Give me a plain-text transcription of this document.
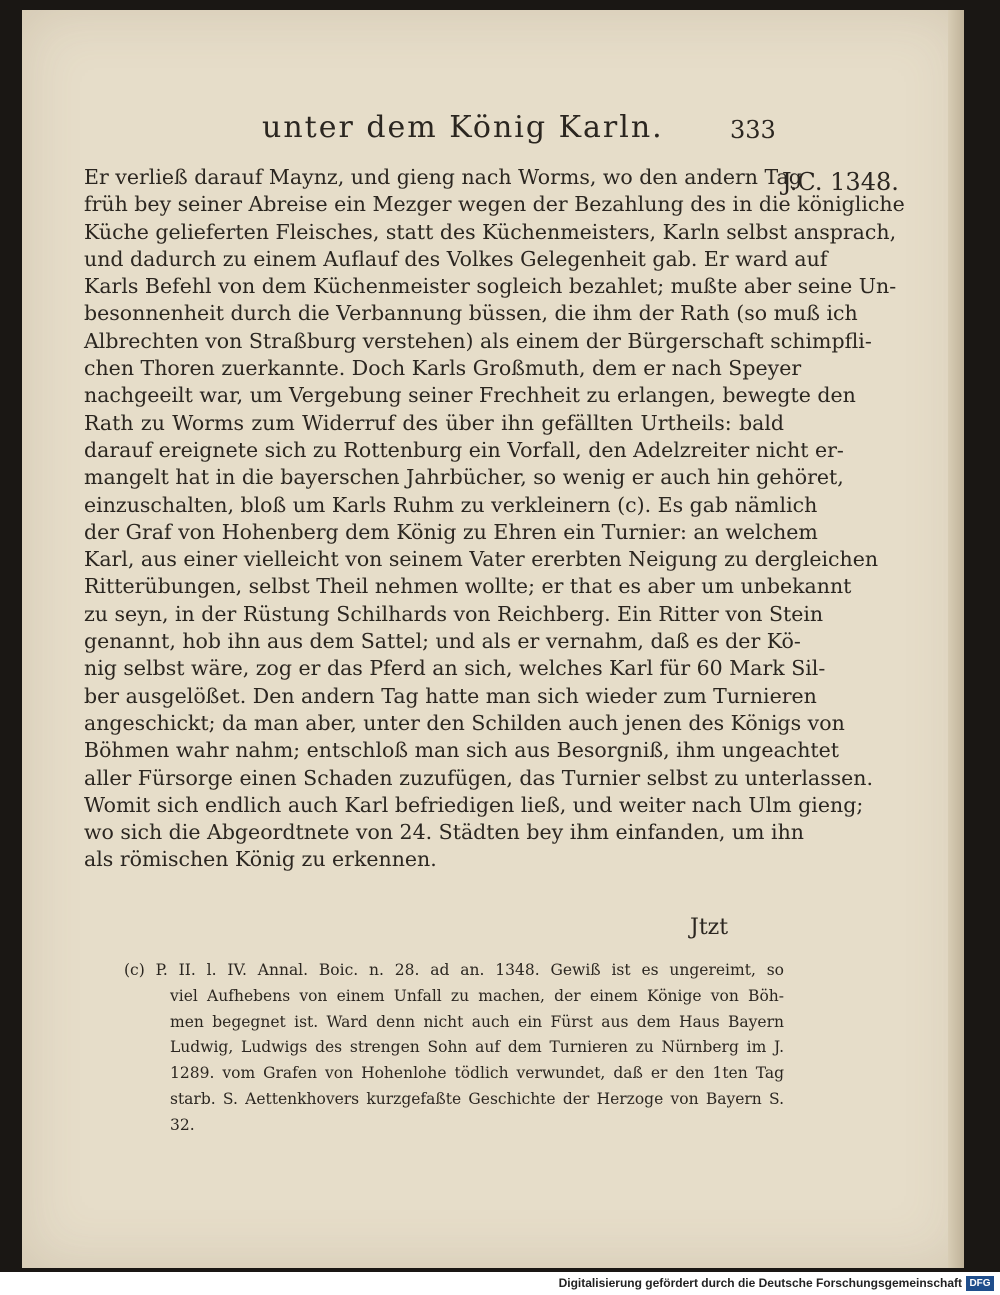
unter dem König Karln.	333
J.C. 1348.
Er verließ darauf Maynz, und gieng nach Worms, wo den andern Tag
früh bey seiner Abreise ein Mezger wegen der Bezahlung des in die königliche
Küche gelieferten Fleisches, statt des Küchenmeisters, Karln selbst ansprach,
und dadurch zu einem Auflauf des Volkes Gelegenheit gab. Er ward auf
Karls Befehl von dem Küchenmeister sogleich bezahlet; mußte aber seine Un-
besonnenheit durch die Verbannung büssen, die ihm der Rath (so muß ich
Albrechten von Straßburg verstehen) als einem der Bürgerschaft schimpfli-
chen Thoren zuerkannte. Doch Karls Großmuth, dem er nach Speyer
nachgeeilt war, um Vergebung seiner Frechheit zu erlangen, bewegte den
Rath zu Worms zum Widerruf des über ihn gefällten Urtheils: bald
darauf ereignete sich zu Rottenburg ein Vorfall, den Adelzreiter nicht er-
mangelt hat in die bayerschen Jahrbücher, so wenig er auch hin gehöret,
einzuschalten, bloß um Karls Ruhm zu verkleinern (c). Es gab nämlich
der Graf von Hohenberg dem König zu Ehren ein Turnier: an welchem
Karl, aus einer vielleicht von seinem Vater ererbten Neigung zu dergleichen
Ritterübungen, selbst Theil nehmen wollte; er that es aber um unbekannt
zu seyn, in der Rüstung Schilhards von Reichberg. Ein Ritter von Stein
genannt, hob ihn aus dem Sattel; und als er vernahm, daß es der Kö-
nig selbst wäre, zog er das Pferd an sich, welches Karl für 60 Mark Sil-
ber ausgelößet. Den andern Tag hatte man sich wieder zum Turnieren
angeschickt; da man aber, unter den Schilden auch jenen des Königs von
Böhmen wahr nahm; entschloß man sich aus Besorgniß, ihm ungeachtet
aller Fürsorge einen Schaden zuzufügen, das Turnier selbst zu unterlassen.
Womit sich endlich auch Karl befriedigen ließ, und weiter nach Ulm gieng;
wo sich die Abgeordtnete von 24. Städten bey ihm einfanden, um ihn
als römischen König zu erkennen.
Jtzt
(c) P. II. l. IV. Annal. Boic. n. 28. ad an. 1348. Gewiß ist es ungereimt, so
viel Aufhebens von einem Unfall zu machen, der einem Könige von Böh-
men begegnet ist. Ward denn nicht auch ein Fürst aus dem Haus Bayern
Ludwig, Ludwigs des strengen Sohn auf dem Turnieren zu Nürnberg im J.
1289. vom Grafen von Hohenlohe tödlich verwundet, daß er den 1ten Tag
starb. S. Aettenkhovers kurzgefaßte Geschichte der Herzoge von Bayern S.
32.
Digitalisierung gefördert durch die Deutsche Forschungsgemeinschaft DFG
